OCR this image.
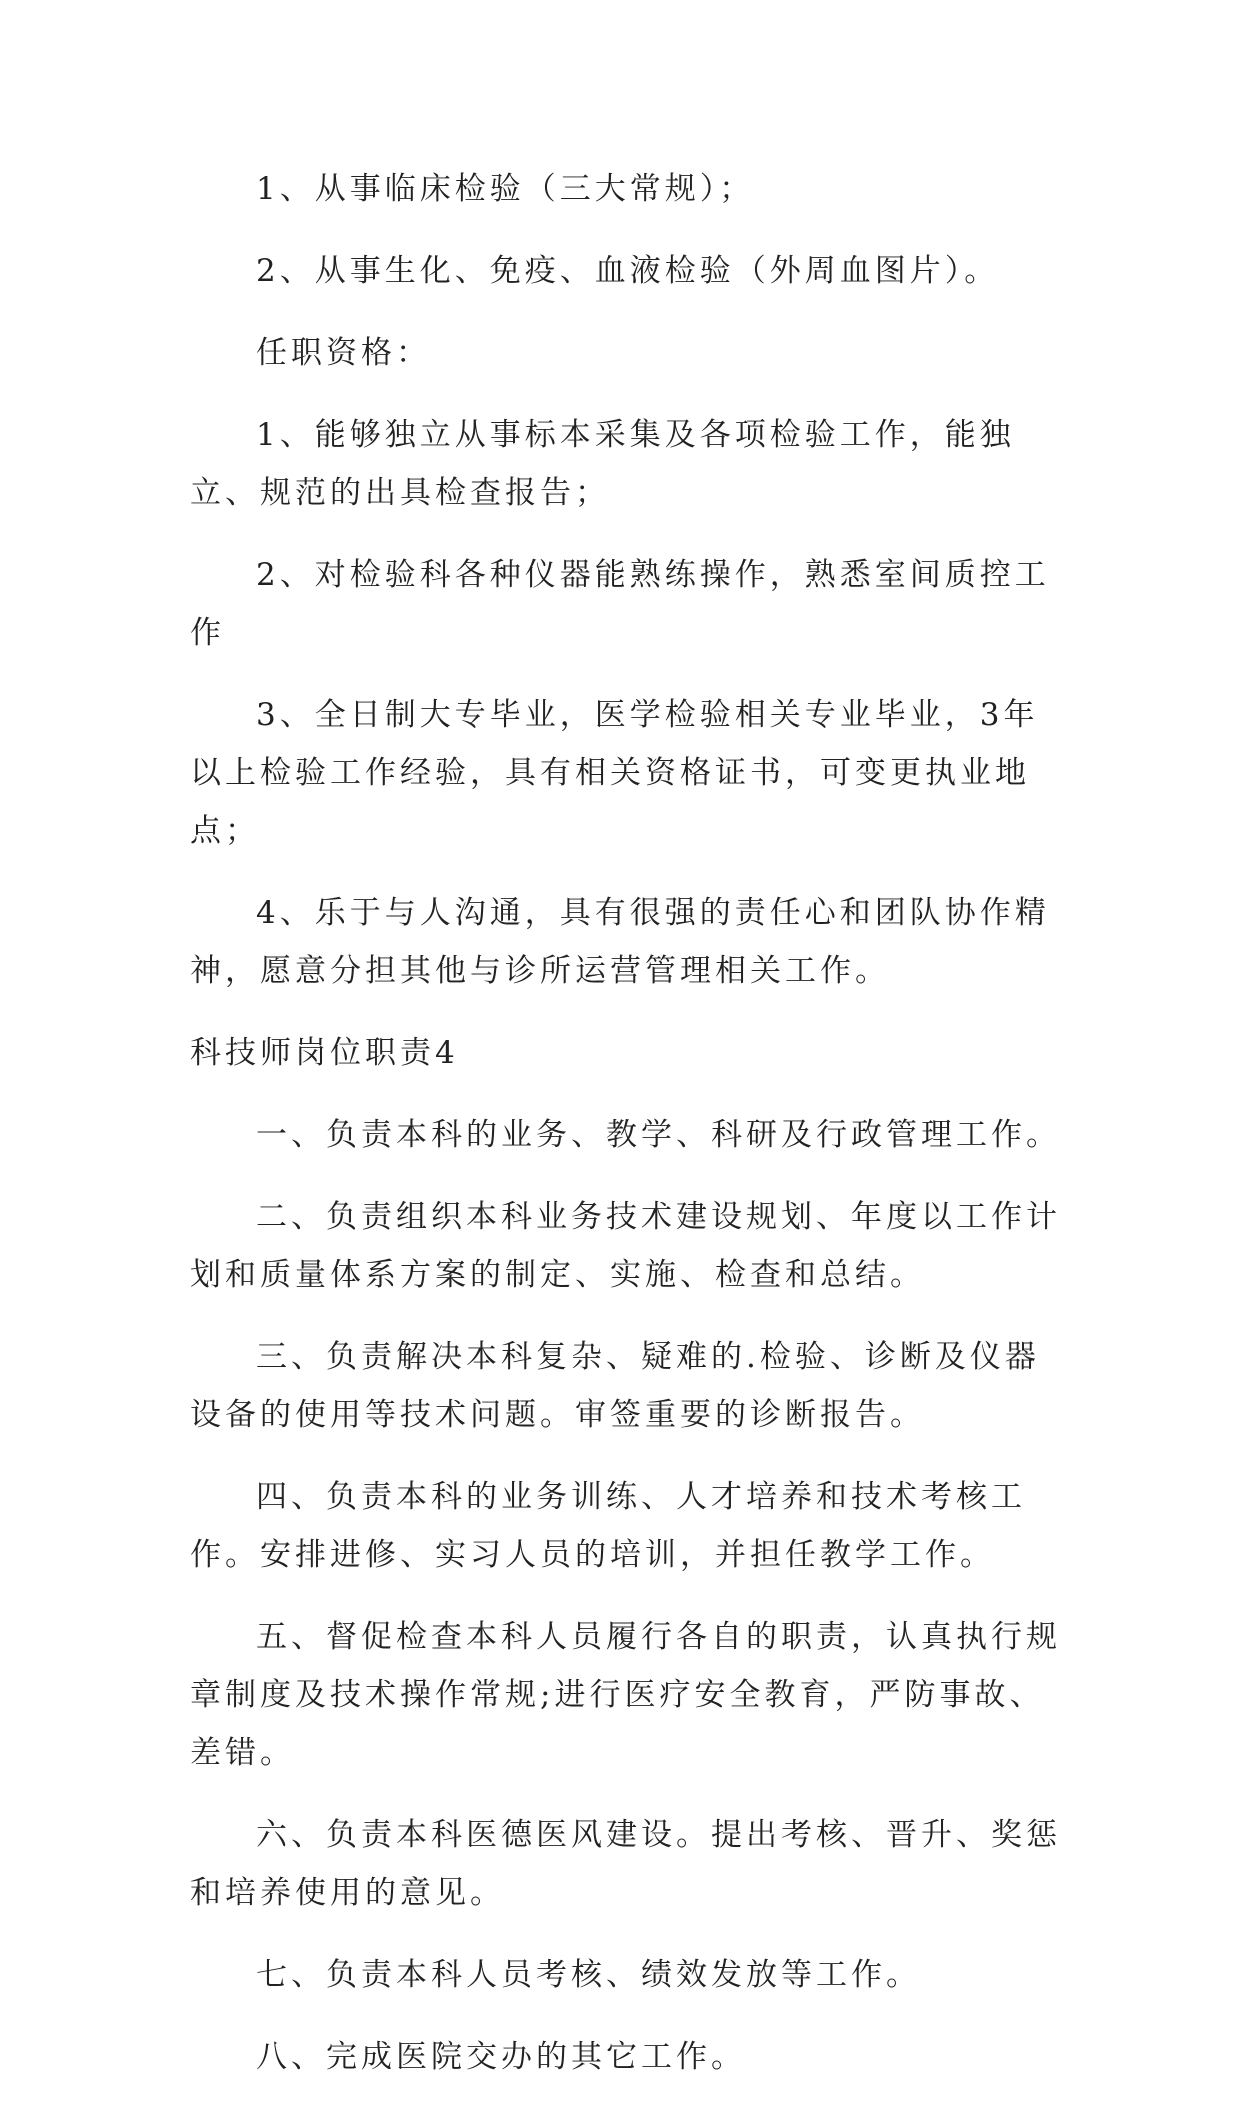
1、从事临床检验（三大常规）；

2、从事生化、免疫、血液检验（外周血图片）。

任职资格：

1、能够独立从事标本采集及各项检验工作，能独立、规范的出具检查报告；

2、对检验科各种仪器能熟练操作，熟悉室间质控工作

3、全日制大专毕业，医学检验相关专业毕业，3年以上检验工作经验，具有相关资格证书，可变更执业地点；

4、乐于与人沟通，具有很强的责任心和团队协作精神，愿意分担其他与诊所运营管理相关工作。

科技师岗位职责4

一、负责本科的业务、教学、科研及行政管理工作。

二、负责组织本科业务技术建设规划、年度以工作计划和质量体系方案的制定、实施、检查和总结。

三、负责解决本科复杂、疑难的.检验、诊断及仪器设备的使用等技术问题。审签重要的诊断报告。

四、负责本科的业务训练、人才培养和技术考核工作。安排进修、实习人员的培训，并担任教学工作。

五、督促检查本科人员履行各自的职责，认真执行规章制度及技术操作常规;进行医疗安全教育，严防事故、差错。

六、负责本科医德医风建设。提出考核、晋升、奖惩和培养使用的意见。

七、负责本科人员考核、绩效发放等工作。

八、完成医院交办的其它工作。
